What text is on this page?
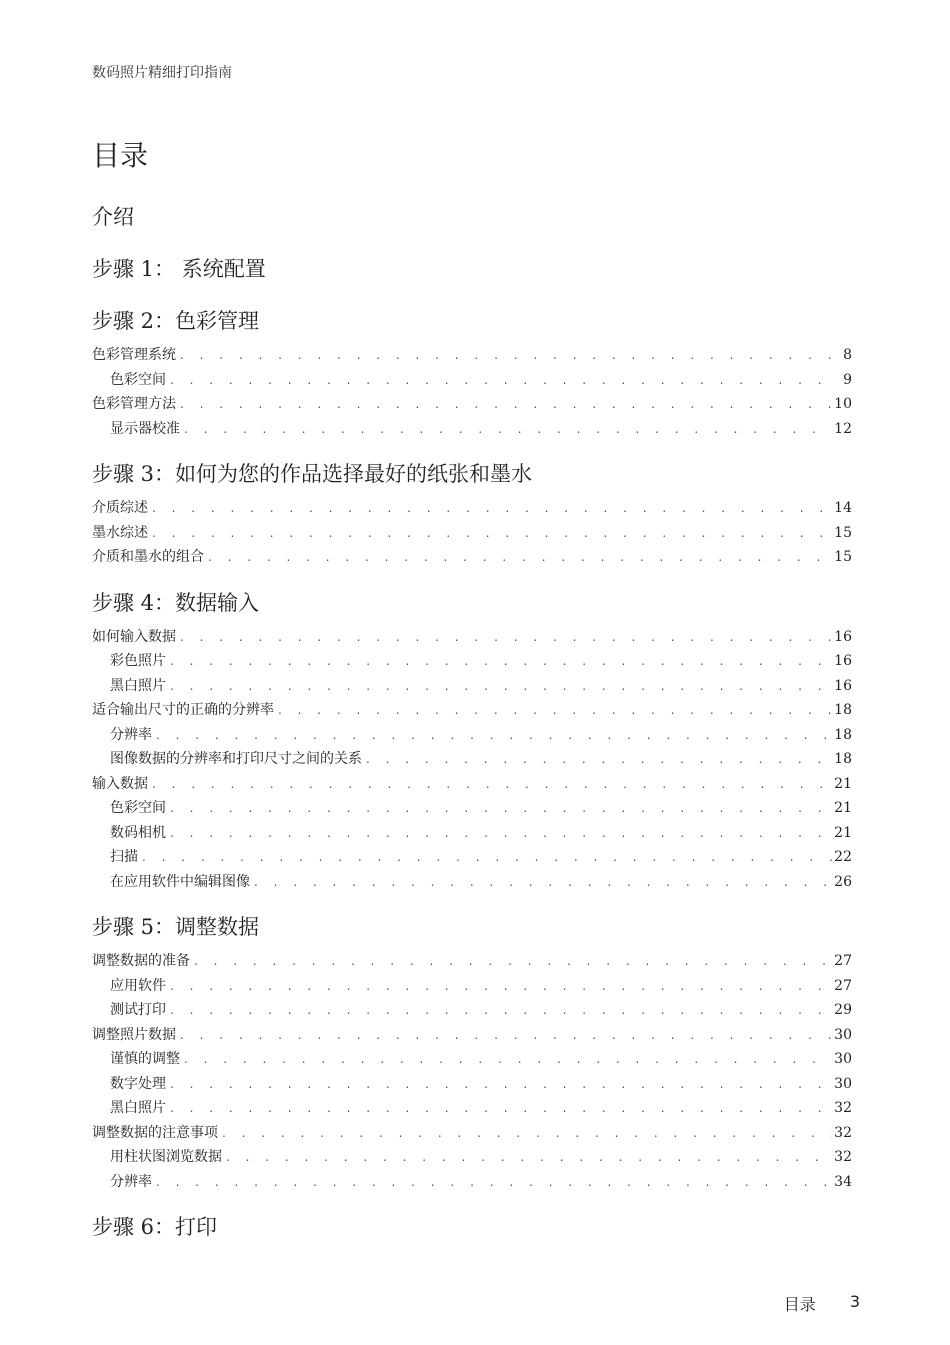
数码照片精细打印指南
目录
介绍
步骤 1： 系统配置
步骤 2：色彩管理
色彩管理系统 . . .	8
色彩空间 . . .	9
色彩管理方法 . . .	10
显示器校准 . . .	12
步骤 3：如何为您的作品选择最好的纸张和墨水
介质综述 . . .	14
墨水综述 . . .	15
介质和墨水的组合 . . .	15
步骤 4：数据输入
如何输入数据 . . .	16
彩色照片 . . .	16
黑白照片 . . .	16
适合输出尺寸的正确的分辨率 . . .	18
分辨率 . . .	18
图像数据的分辨率和打印尺寸之间的关系 . . .	18
输入数据 . . .	21
色彩空间 . . .	21
数码相机 . . .	21
扫描 . . .	22
在应用软件中编辑图像 . . .	26
步骤 5：调整数据
调整数据的准备 . . .	27
应用软件 . . .	27
测试打印 . . .	29
调整照片数据 . . .	30
谨慎的调整 . . .	30
数字处理 . . .	30
黑白照片 . . .	32
调整数据的注意事项 . . .	32
用柱状图浏览数据 . . .	32
分辨率 . . .	34
步骤 6：打印
目录 3
